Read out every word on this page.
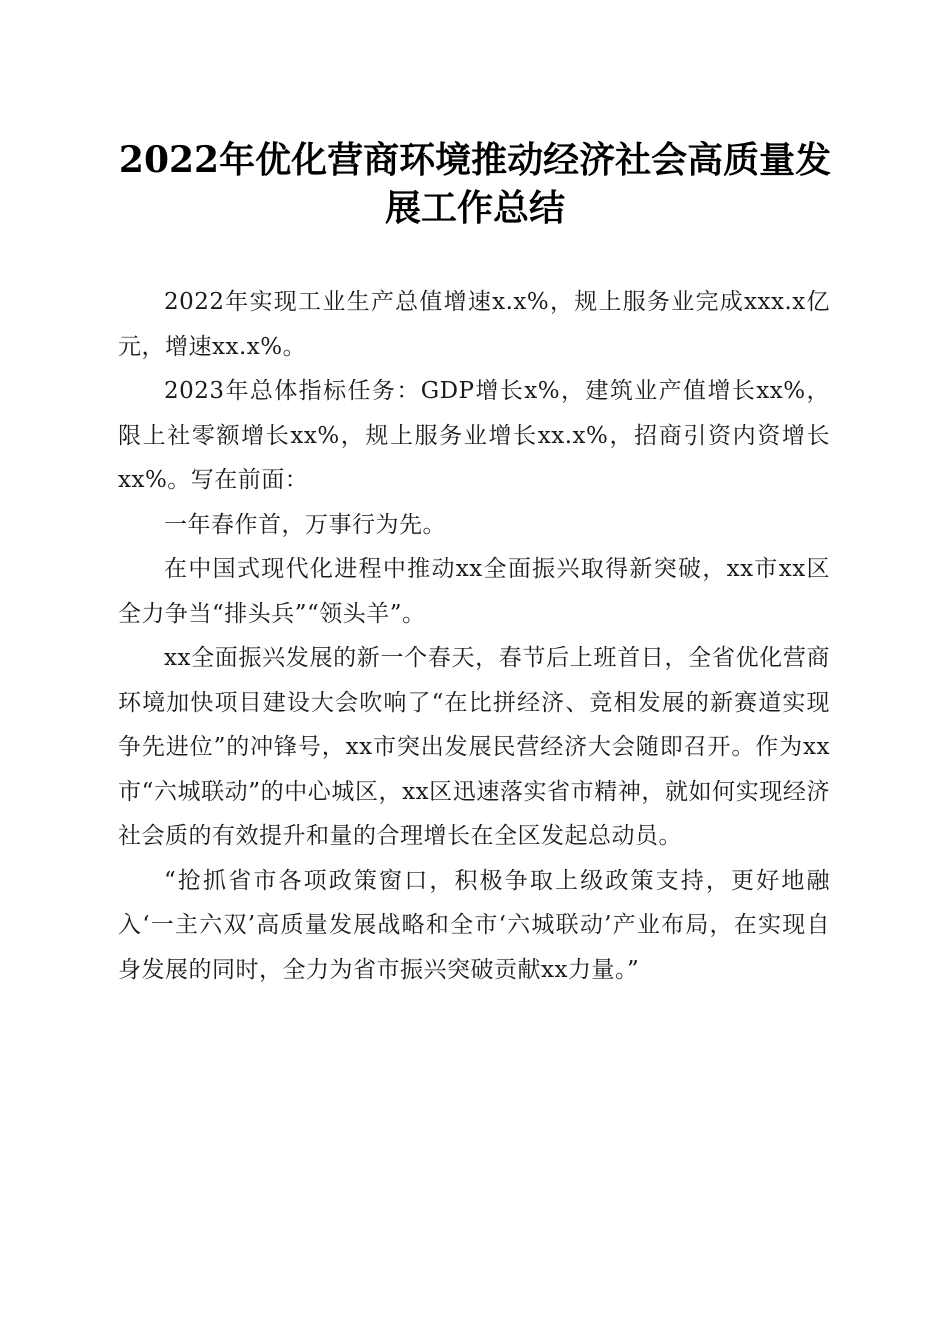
2022年优化营商环境推动经济社会高质量发
展工作总结

2022年实现工业生产总值增速x.x%，规上服务业完成xxx.x亿元，增速xx.x%。

2023年总体指标任务：GDP增长x%，建筑业产值增长xx%，限上社零额增长xx%，规上服务业增长xx.x%，招商引资内资增长xx%。写在前面：

一年春作首，万事行为先。

在中国式现代化进程中推动xx全面振兴取得新突破，xx市xx区全力争当“排头兵”“领头羊”。

xx全面振兴发展的新一个春天，春节后上班首日，全省优化营商环境加快项目建设大会吹响了“在比拼经济、竞相发展的新赛道实现争先进位”的冲锋号，xx市突出发展民营经济大会随即召开。作为xx市“六城联动”的中心城区，xx区迅速落实省市精神，就如何实现经济社会质的有效提升和量的合理增长在全区发起总动员。

“抢抓省市各项政策窗口，积极争取上级政策支持，更好地融入‘一主六双’高质量发展战略和全市‘六城联动’产业布局，在实现自身发展的同时，全力为省市振兴突破贡献xx力量。”
